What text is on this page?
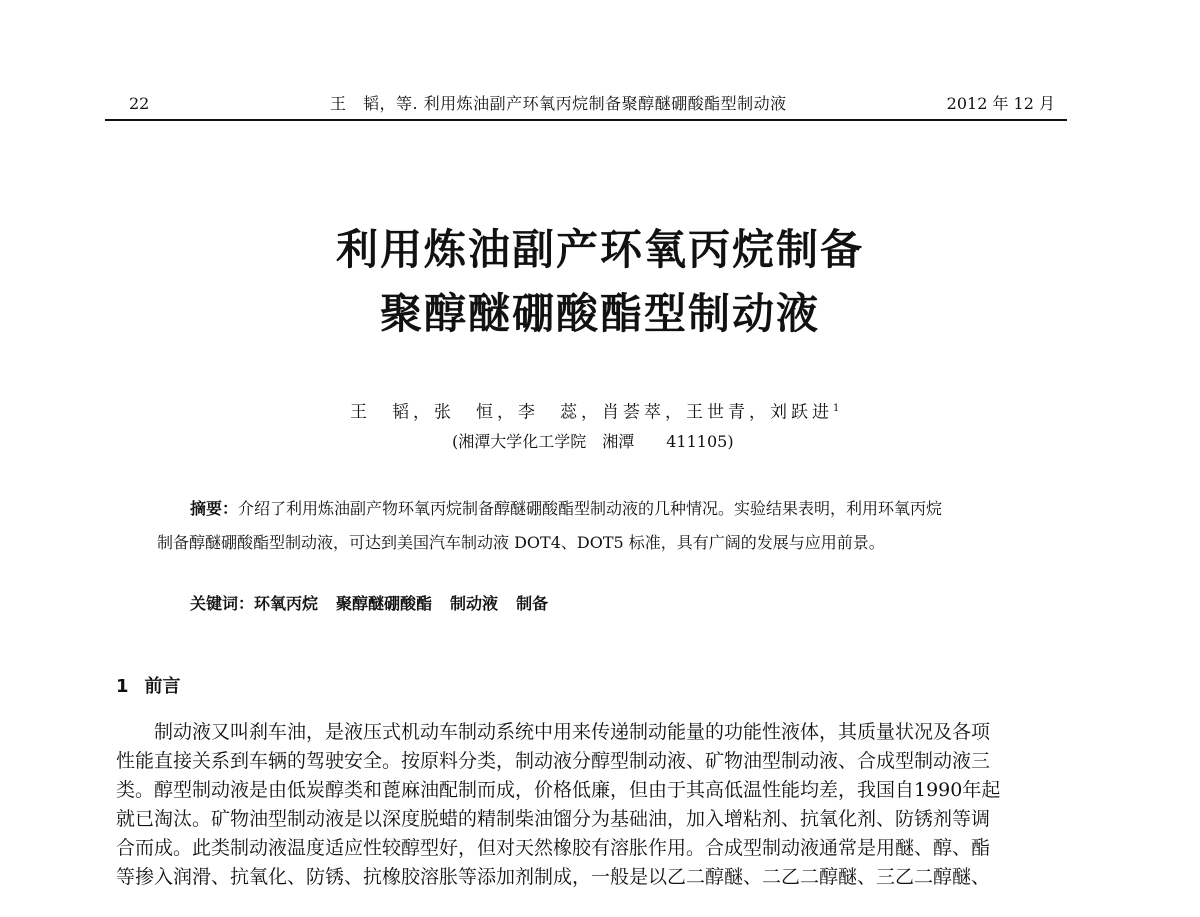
22	王　韬，等. 利用炼油副产环氧丙烷制备聚醇醚硼酸酯型制动液	2012 年 12 月
利用炼油副产环氧丙烷制备
聚醇醚硼酸酯型制动液
王　韬，张　恒，李　蕊，肖荟萃，王世青，刘跃进$^1$
(湘潭大学化工学院　湘潭　　411105)
摘要：介绍了利用炼油副产物环氧丙烷制备醇醚硼酸酯型制动液的几种情况。实验结果表明，利用环氧丙烷
制备醇醚硼酸酯型制动液，可达到美国汽车制动液 DOT4、DOT5 标准，具有广阔的发展与应用前景。
关键词：环氧丙烷 聚醇醚硼酸酯 制动液 制备
1 前言
制动液又叫刹车油，是液压式机动车制动系统中用来传递制动能量的功能性液体，其质量状况及各项
性能直接关系到车辆的驾驶安全。按原料分类，制动液分醇型制动液、矿物油型制动液、合成型制动液三
类。醇型制动液是由低炭醇类和蓖麻油配制而成，价格低廉，但由于其高低温性能均差，我国自1990年起
就已淘汰。矿物油型制动液是以深度脱蜡的精制柴油馏分为基础油，加入增粘剂、抗氧化剂、防锈剂等调
合而成。此类制动液温度适应性较醇型好，但对天然橡胶有溶胀作用。合成型制动液通常是用醚、醇、酯
等掺入润滑、抗氧化、防锈、抗橡胶溶胀等添加剂制成，一般是以乙二醇醚、二乙二醇醚、三乙二醇醚、
